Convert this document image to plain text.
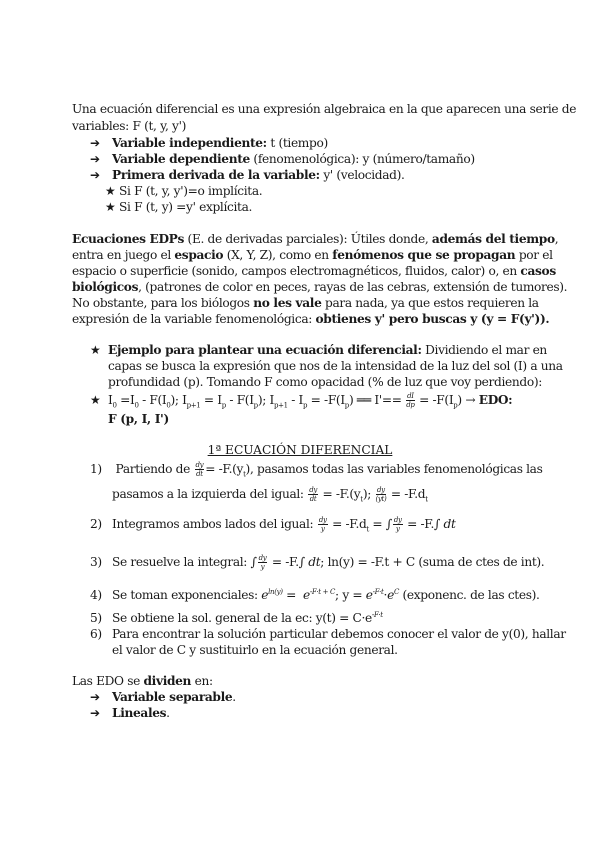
Una ecuación diferencial es una expresión algebraica en la que aparecen una serie de
variables: F (t, y, y')
➔ Variable independiente: t (tiempo)
➔ Variable dependiente (fenomenológica): y (número/tamaño)
➔ Primera derivada de la variable: y' (velocidad).
★ Si F (t, y, y')=o implícita.
★ Si F (t, y) =y' explícita.
Ecuaciones EDPs (E. de derivadas parciales): Útiles donde, además del tiempo,
entra en juego el espacio (X, Y, Z), como en fenómenos que se propagan por el
espacio o superficie (sonido, campos electromagnéticos, fluidos, calor) o, en casos
biológicos, (patrones de color en peces, rayas de las cebras, extensión de tumores).
No obstante, para los biólogos no les vale para nada, ya que estos requieren la
expresión de la variable fenomenológica: obtienes y' pero buscas y (y = F(y')).
★ Ejemplo para plantear una ecuación diferencial: Dividiendo el mar en
capas se busca la expresión que nos de la intensidad de la luz del sol (I) a una
profundidad (p). Tomando F como opacidad (% de luz que voy perdiendo):
★ $I_0 =I_0 - F(I_0)$; $I_{p+1} = I_p - F(I_p)$; $I_{p+1} - I_p = -F(I_p)$ ══ $I'== \frac{dI}{dp} = -F(I_p)$ → EDO:
F (p, I, I')
1ª ECUACIÓN DIFERENCIAL
1) Partiendo de $\frac{dy}{dt} = -F.(y_t)$, pasamos todas las variables fenomenológicas las
pasamos a la izquierda del igual: $\frac{dy}{dt} = -F.(y_t)$; $\frac{dy}{(yt)} = -F.d_t$
2) Integramos ambos lados del igual: $\frac{dy}{y} = -F.d_t$ = ∫ $\frac{dy}{y} = -F.\int$ dt
3) Se resuelve la integral: ∫ $\frac{dy}{y} = -F.\int$ dt; ln(y) = -F.t + C (suma de ctes de int).
4) Se toman exponenciales: $e^{ln(y)} = e^{-F\cdot t + C}$; $y = e^{-F\cdot t}\cdot e^C$ (exponenc. de las ctes).
5) Se obtiene la sol. general de la ec: $y(t) = C\cdot e^{-F\cdot t}$
6) Para encontrar la solución particular debemos conocer el valor de y(0), hallar
el valor de C y sustituirlo en la ecuación general.
Las EDO se dividen en:
➔ Variable separable.
➔ Lineales.
